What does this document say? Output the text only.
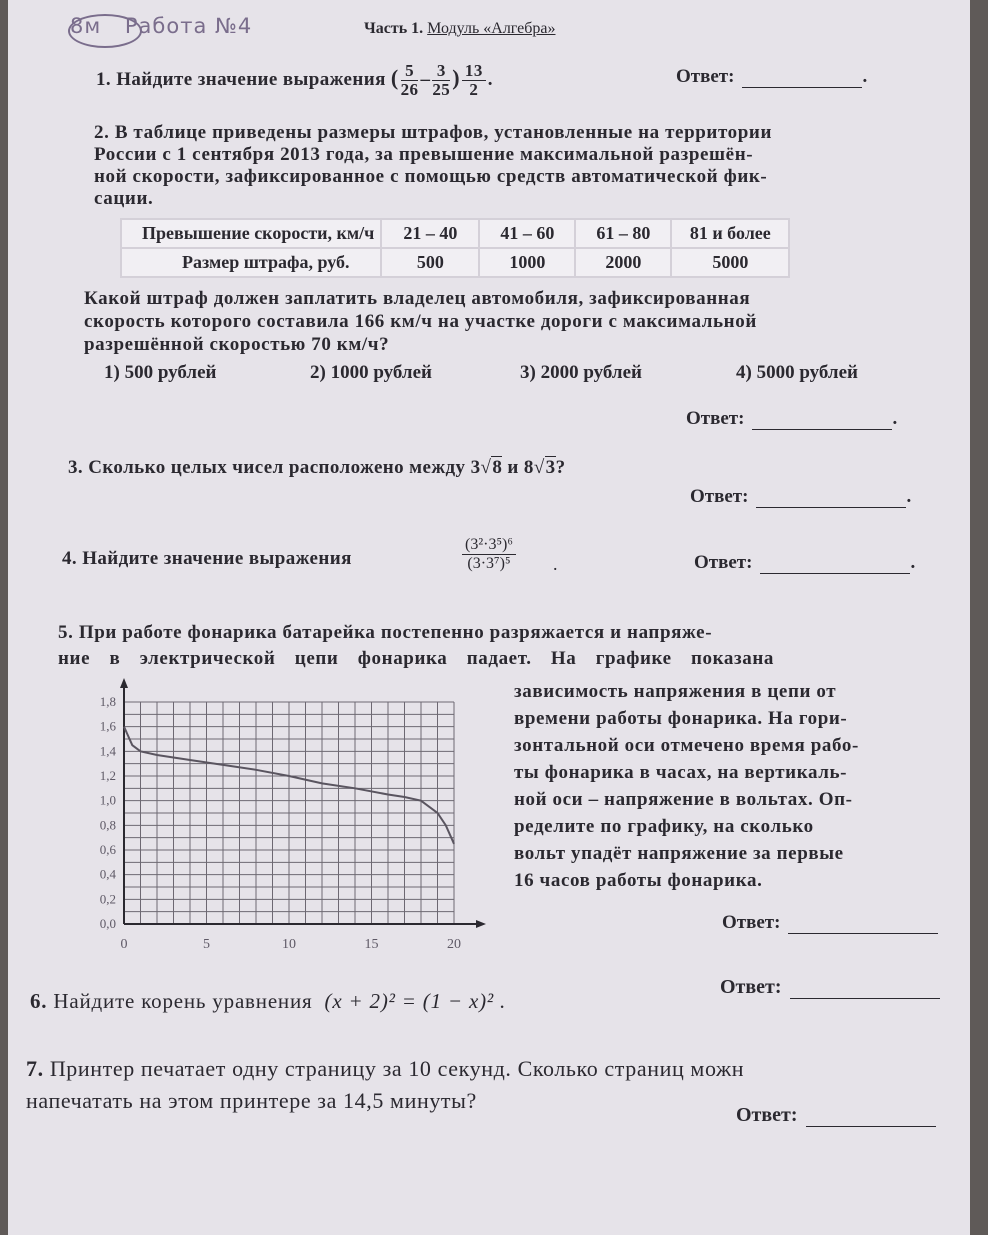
8м Работа №4	Часть 1. Модуль «Алгебра»
1. Найдите значение выражения ( $\frac{5}{26} - \frac{3}{25}$ ) $\frac{13}{2}$ .	Ответ:	.
2. В таблице приведены размеры штрафов, установленные на территории
России с 1 сентября 2013 года, за превышение максимальной разрешён-
ной скорости, зафиксированное с помощью средств автоматической фик-
сации.
Превышение скорости, км/ч	21 – 40	41 – 60	61 – 80	81 и более
Размер штрафа, руб.	500	1000	2000	5000
Какой штраф должен заплатить владелец автомобиля, зафиксированная
скорость которого составила 166 км/ч на участке дороги с максимальной
разрешённой скоростью 70 км/ч?
1) 500 рублей	2) 1000 рублей	3) 2000 рублей	4) 5000 рублей
Ответ:	.
3. Сколько целых чисел расположено между 3√8 и 8√3?
Ответ:	.
4. Найдите значение выражения	$\frac{\text{(3²·3⁵)⁶}}{\text{(3·3⁷)⁵}}$ .	Ответ:	.
5. При работе фонарика батарейка постепенно разряжается и напряже-
ние в электрической цепи фонарика падает. На графике показана
зависимость напряжения в цепи от
времени работы фонарика. На гори-
зонтальной оси отмечено время рабо-
ты фонарика в часах, на вертикаль-
ной оси – напряжение в вольтах. Оп-
ределите по графику, на сколько
вольт упадёт напряжение за первые
16 часов работы фонарика.
0,0
0,2
0,4
0,6
0,8
1,0
1,2
1,4
1,6
1,8
0	5	10	15	20
Ответ:
6. Найдите корень уравнения (x + 2)² = (1 − x)² .
Ответ:
7. Принтер печатает одну страницу за 10 секунд. Сколько страниц можн
напечатать на этом принтере за 14,5 минуты?
Ответ:
